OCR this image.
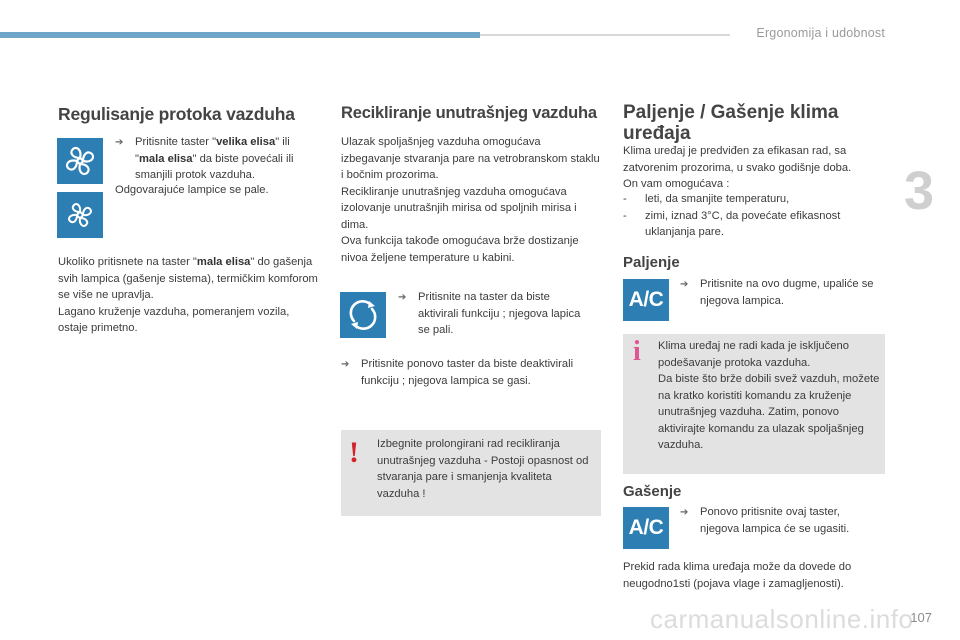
Ergonomija i udobnost
3
Regulisanje protoka vazduha
➔	Pritisnite taster "velika elisa" ili "mala elisa" da biste povećali ili smanjili protok vazduha.
Odgovarajuće lampice se pale.
Ukoliko pritisnete na taster "mala elisa" do gašenja svih lampica (gašenje sistema), termičkim komforom se više ne upravlja.
Lagano kruženje vazduha, pomeranjem vozila, ostaje primetno.
Recikliranje unutrašnjeg vazduha
Ulazak spoljašnjeg vazduha omogućava izbegavanje stvaranja pare na vetrobranskom staklu i bočnim prozorima.
Recikliranje unutrašnjeg vazduha omogućava izolovanje unutrašnjih mirisa od spoljnih mirisa i dima.
Ova funkcija takođe omogućava brže dostizanje nivoa željene temperature u kabini.
➔	Pritisnite na taster da biste aktivirali funkciju ; njegova lapica se pali.
➔	Pritisnite ponovo taster da biste deaktivirali funkciju ; njegova lampica se gasi.
! Izbegnite prolongirani rad recikliranja unutrašnjeg vazduha - Postoji opasnost od stvaranja pare i smanjenja kvaliteta vazduha !
Paljenje / Gašenje klima
uređaja
Klima uređaj je predviđen za efikasan rad, sa zatvorenim prozorima, u svako godišnje doba.
On vam omogućava :
-	leti, da smanjite temperaturu,
-	zimi, iznad 3°C, da povećate efikasnost uklanjanja pare.
Paljenje
A/C
➔	Pritisnite na ovo dugme, upaliće se njegova lampica.
i Klima uređaj ne radi kada je isključeno podešavanje protoka vazduha.
Da biste što brže dobili svež vazduh, možete na kratko koristiti komandu za kruženje unutrašnjeg vazduha. Zatim, ponovo aktivirajte komandu za ulazak spoljašnjeg vazduha.
Gašenje
A/C
➔	Ponovo pritisnite ovaj taster, njegova lampica će se ugasiti.
Prekid rada klima uređaja može da dovede do neugodno1sti (pojava vlage i zamagljenosti).
carmanualsonline.info
107
